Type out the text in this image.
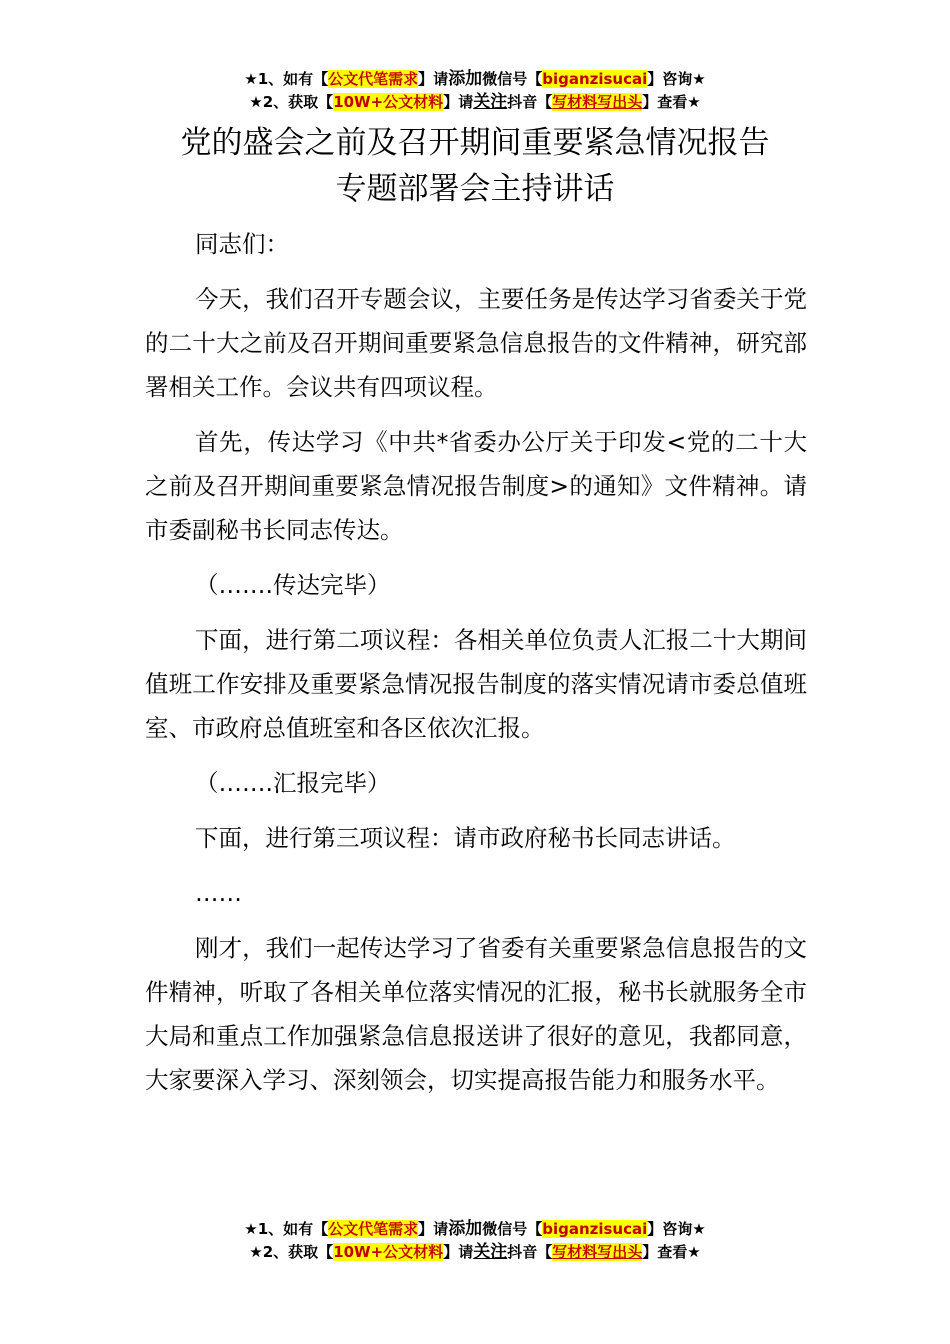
★1、如有【公文代笔需求】请添加微信号【biganzisucai】咨询★
★2、获取【10W+公文材料】请关注抖音【写材料写出头】查看★
党的盛会之前及召开期间重要紧急情况报告
专题部署会主持讲话

同志们：

今天，我们召开专题会议，主要任务是传达学习省委关于党的二十大之前及召开期间重要紧急信息报告的文件精神，研究部署相关工作。会议共有四项议程。

首先，传达学习《中共*省委办公厅关于印发<党的二十大之前及召开期间重要紧急情况报告制度>的通知》文件精神。请市委副秘书长同志传达。

（…….传达完毕）

下面，进行第二项议程：各相关单位负责人汇报二十大期间值班工作安排及重要紧急情况报告制度的落实情况请市委总值班室、市政府总值班室和各区依次汇报。

（…….汇报完毕）

下面，进行第三项议程：请市政府秘书长同志讲话。

……

刚才，我们一起传达学习了省委有关重要紧急信息报告的文件精神，听取了各相关单位落实情况的汇报，秘书长就服务全市大局和重点工作加强紧急信息报送讲了很好的意见，我都同意，大家要深入学习、深刻领会，切实提高报告能力和服务水平。

★1、如有【公文代笔需求】请添加微信号【biganzisucai】咨询★
★2、获取【10W+公文材料】请关注抖音【写材料写出头】查看★
